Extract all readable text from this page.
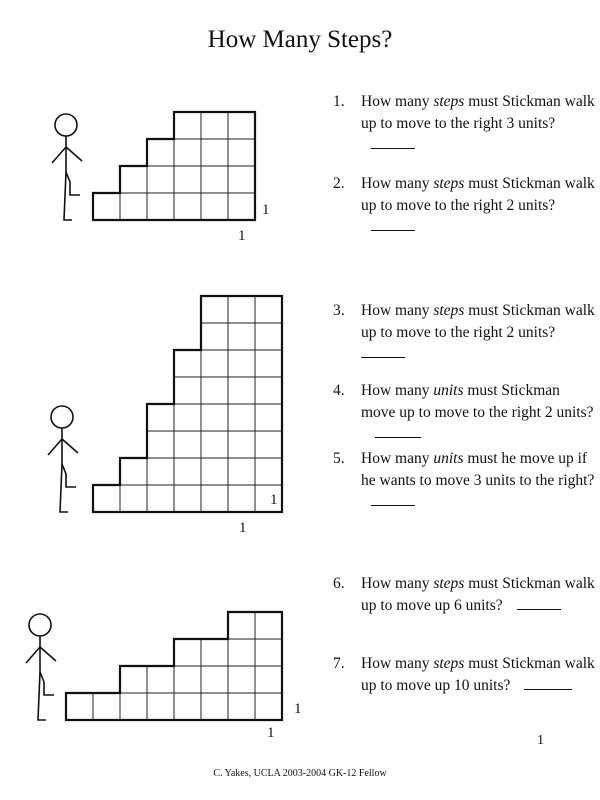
How Many Steps?
1
1
1
1
1
1
1. How many steps must Stickman walk up to move to the right 3 units?
2. How many steps must Stickman walk up to move to the right 2 units?
3. How many steps must Stickman walk up to move to the right 2 units?
4. How many units must Stickman move up to move to the right 2 units?
5. How many units must he move up if he wants to move 3 units to the right?
6. How many steps must Stickman walk up to move up 6 units?
7. How many steps must Stickman walk up to move up 10 units?
1
C. Yakes, UCLA 2003-2004 GK-12 Fellow
